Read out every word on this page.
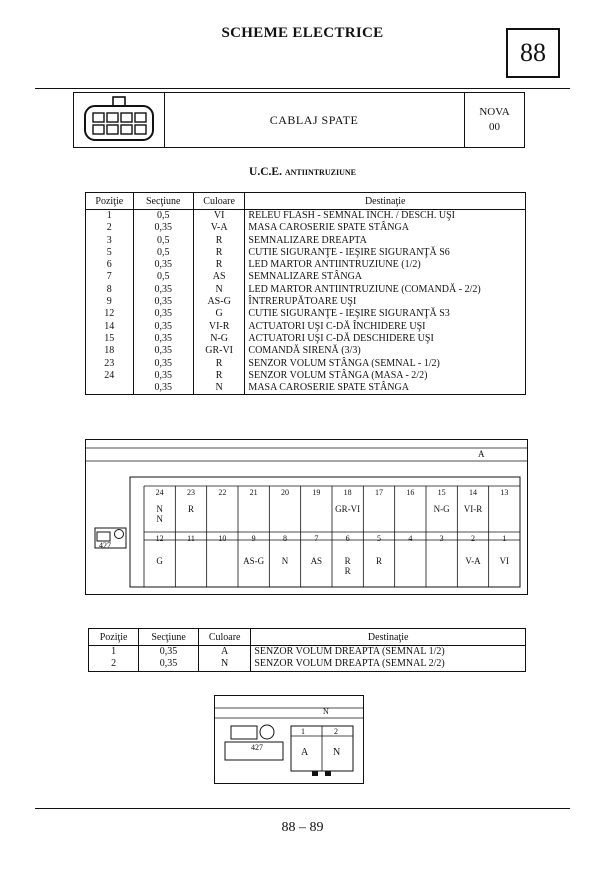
SCHEME ELECTRICE
88
CABLAJ SPATE
NOVA
00
U.C.E. ANTIINTRUZIUNE
Poziţie	Secţiune	Culoare	Destinaţie
1	0,5	VI	RELEU FLASH - SEMNAL ÎNCH. / DESCH. UŞI
2	0,35	V-A	MASA CAROSERIE SPATE STÂNGA
3	0,5	R	SEMNALIZARE DREAPTA
5	0,5	R	CUTIE SIGURANŢE - IEŞIRE SIGURANŢĂ S6
6	0,35	R	LED MARTOR ANTIINTRUZIUNE (1/2)
7	0,5	AS	SEMNALIZARE STÂNGA
8	0,35	N	LED MARTOR ANTIINTRUZIUNE (COMANDĂ - 2/2)
9	0,35	AS-G	ÎNTRERUPĂTOARE UŞI
12	0,35	G	CUTIE SIGURANŢE - IEŞIRE SIGURANŢĂ S3
14	0,35	VI-R	ACTUATORI UŞI C-DĂ ÎNCHIDERE UŞI
15	0,35	N-G	ACTUATORI UŞI C-DĂ DESCHIDERE UŞI
18	0,35	GR-VI	COMANDĂ SIRENĂ (3/3)
23	0,35	R	SENZOR VOLUM STÂNGA (SEMNAL - 1/2)
24	0,35	R	SENZOR VOLUM STÂNGA (MASA - 2/2)
	0,35	N	MASA CAROSERIE SPATE STÂNGA
A
427
24
N
N
12
G
23
R
11
22
10
21
9
AS-G
20
8
N
19
7
AS
18
GR-VI
6
R
R
17
5
R
16
4
15
N-G
3
14
VI-R
2
V-A
13
1
VI
Poziţie	Secţiune	Culoare	Destinaţie
1	0,35	A	SENZOR VOLUM DREAPTA (SEMNAL 1/2)
2	0,35	N	SENZOR VOLUM DREAPTA (SEMNAL 2/2)
N
427
1	2
A N
88 – 89
